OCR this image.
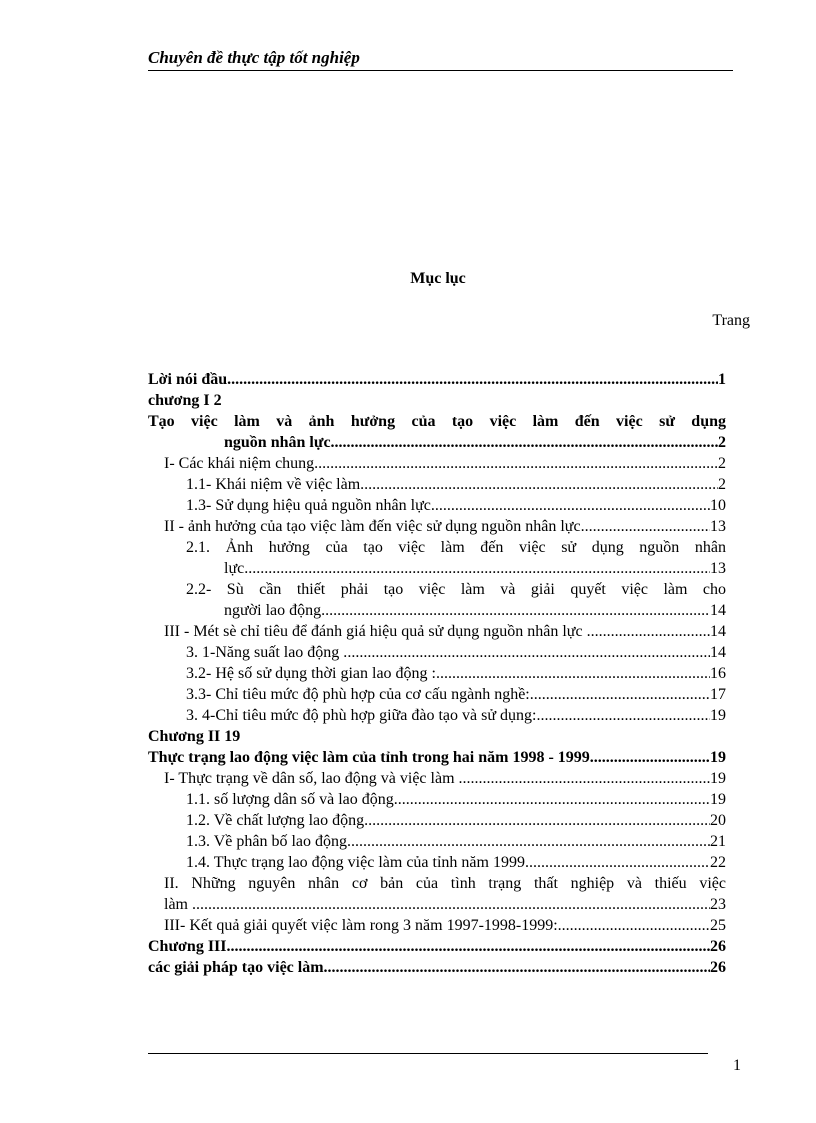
Chuyên đề thực tập tốt nghiệp
Mục lục
Trang
Lời nói đầu .....	1
chương I 2
Tạo việc làm và ảnh hưởng của tạo việc làm đến việc sử dụng
nguồn nhân lực .....	2
I- Các khái niệm chung. .....	2
1.1- Khái niệm về việc làm. .....	2
1.3- Sử dụng hiệu quả nguồn nhân lực .....	10
II - ảnh hưởng của tạo việc làm đến việc sử dụng nguồn nhân lực .....	13
2.1. Ảnh hưởng của tạo việc làm đến việc sử dụng nguồn nhân
lực .....	13
2.2- Sù cần thiết phải tạo việc làm và giải quyết việc làm cho
người lao động .....	14
III - Mét sè chỉ tiêu để đánh giá hiệu quả sử dụng nguồn nhân lực . .....	14
3. 1-Năng suất lao động . .....	14
3.2- Hệ số sử dụng thời gian lao động : .....	16
3.3- Chỉ tiêu mức độ phù hợp của cơ cấu ngành nghề: .....	17
3. 4-Chỉ tiêu mức độ phù hợp giữa đào tạo và sử dụng: .....	19
Chương II 19
Thực trạng lao động việc làm của tỉnh trong hai năm 1998 - 1999 .....	19
I- Thực trạng về dân số, lao động và việc làm . .....	19
1.1. số lượng dân số và lao động .....	19
1.2. Về chất lượng lao động. .....	20
1.3. Về phân bố lao động. .....	21
1.4. Thực trạng lao động việc làm của tỉnh năm 1999 .....	22
II. Những nguyên nhân cơ bản của tình trạng thất nghiệp và thiếu việc
làm . .....	23
III- Kết quả giải quyết việc làm rong 3 năm 1997-1998-1999: .....	25
Chương III .....	26
các giải pháp tạo việc làm .....	26
1
